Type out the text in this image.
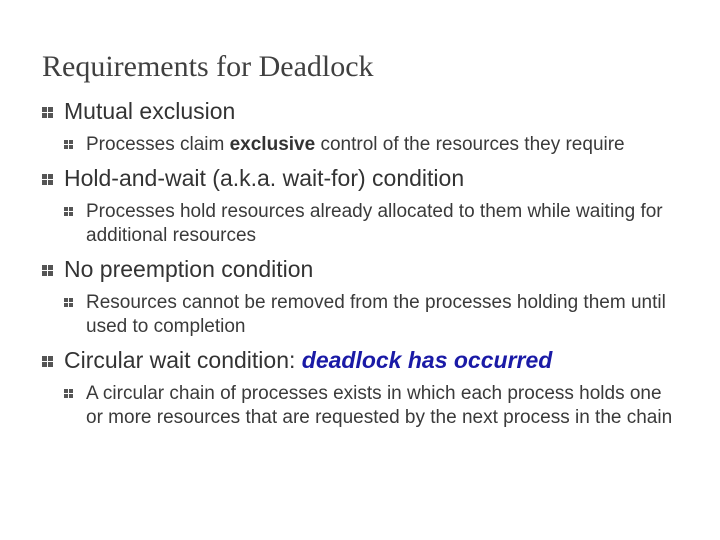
Requirements for Deadlock
Mutual exclusion
Processes claim exclusive control of the resources they require
Hold-and-wait (a.k.a. wait-for) condition
Processes hold resources already allocated to them while waiting for additional resources
No preemption condition
Resources cannot be removed from the processes holding them until used to completion
Circular wait condition: deadlock has occurred
A circular chain of processes exists in which each process holds one or more resources that are requested by the next process in the chain
